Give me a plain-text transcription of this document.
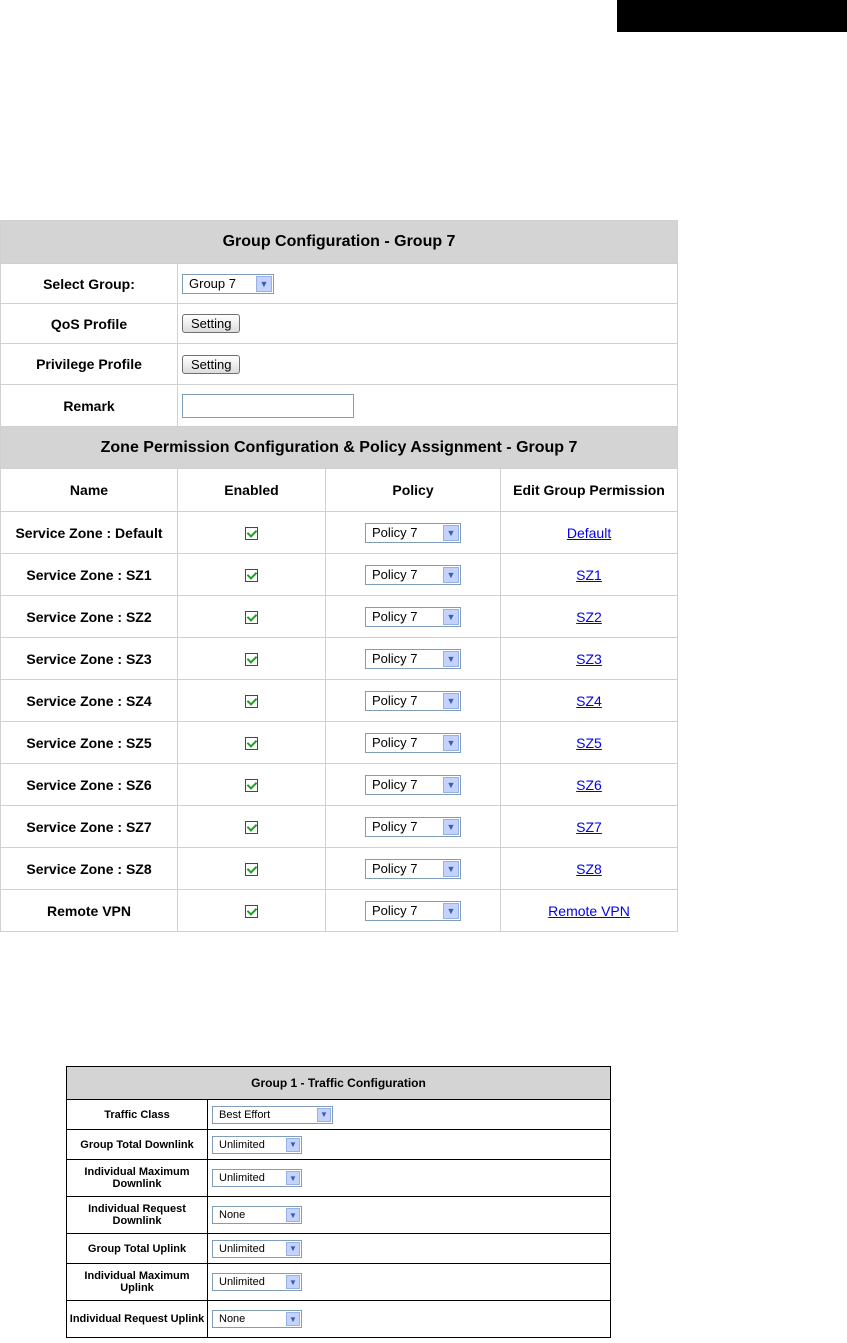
Group Configuration - Group 7			
Select Group:	Group 7 ▼		

QoS Profile	Setting		
Privilege Profile	Setting		
Remark			
Zone Permission Configuration & Policy Assignment - Group 7			
Name	Enabled	Policy	Edit Group Permission
Service Zone : Default		Policy 7 ▼	Default
Service Zone : SZ1		Policy 7 ▼	SZ1
Service Zone : SZ2		Policy 7 ▼	SZ2
Service Zone : SZ3		Policy 7 ▼	SZ3
Service Zone : SZ4		Policy 7 ▼	SZ4
Service Zone : SZ5		Policy 7 ▼	SZ5
Service Zone : SZ6		Policy 7 ▼	SZ6
Service Zone : SZ7		Policy 7 ▼	SZ7
Service Zone : SZ8		Policy 7 ▼	SZ8
Remote VPN		Policy 7 ▼	Remote VPN
Group 1 - Traffic Configuration	
Traffic Class	Best Effort ▼

Group Total Downlink	Unlimited ▼

Individual Maximum Downlink	Unlimited ▼

Individual Request Downlink	None ▼

Group Total Uplink	Unlimited ▼

Individual Maximum Uplink	Unlimited ▼

Individual Request Uplink	None ▼
